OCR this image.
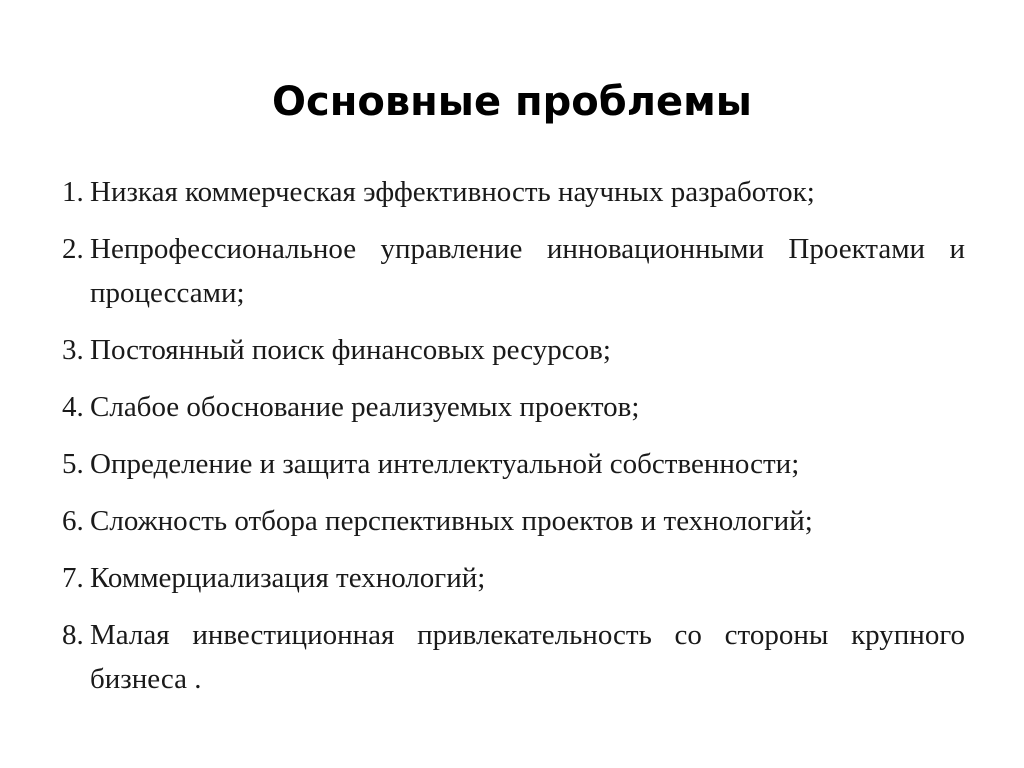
Основные проблемы
1. Низкая коммерческая эффективность научных разработок;
2. Непрофессиональное управление инновационными Проектами и процессами;
3. Постоянный поиск финансовых ресурсов;
4. Слабое обоснование реализуемых проектов;
5. Определение и защита интеллектуальной собственности;
6. Сложность отбора перспективных проектов и технологий;
7. Коммерциализация технологий;
8. Малая инвестиционная привлекательность со стороны крупного бизнеса .
